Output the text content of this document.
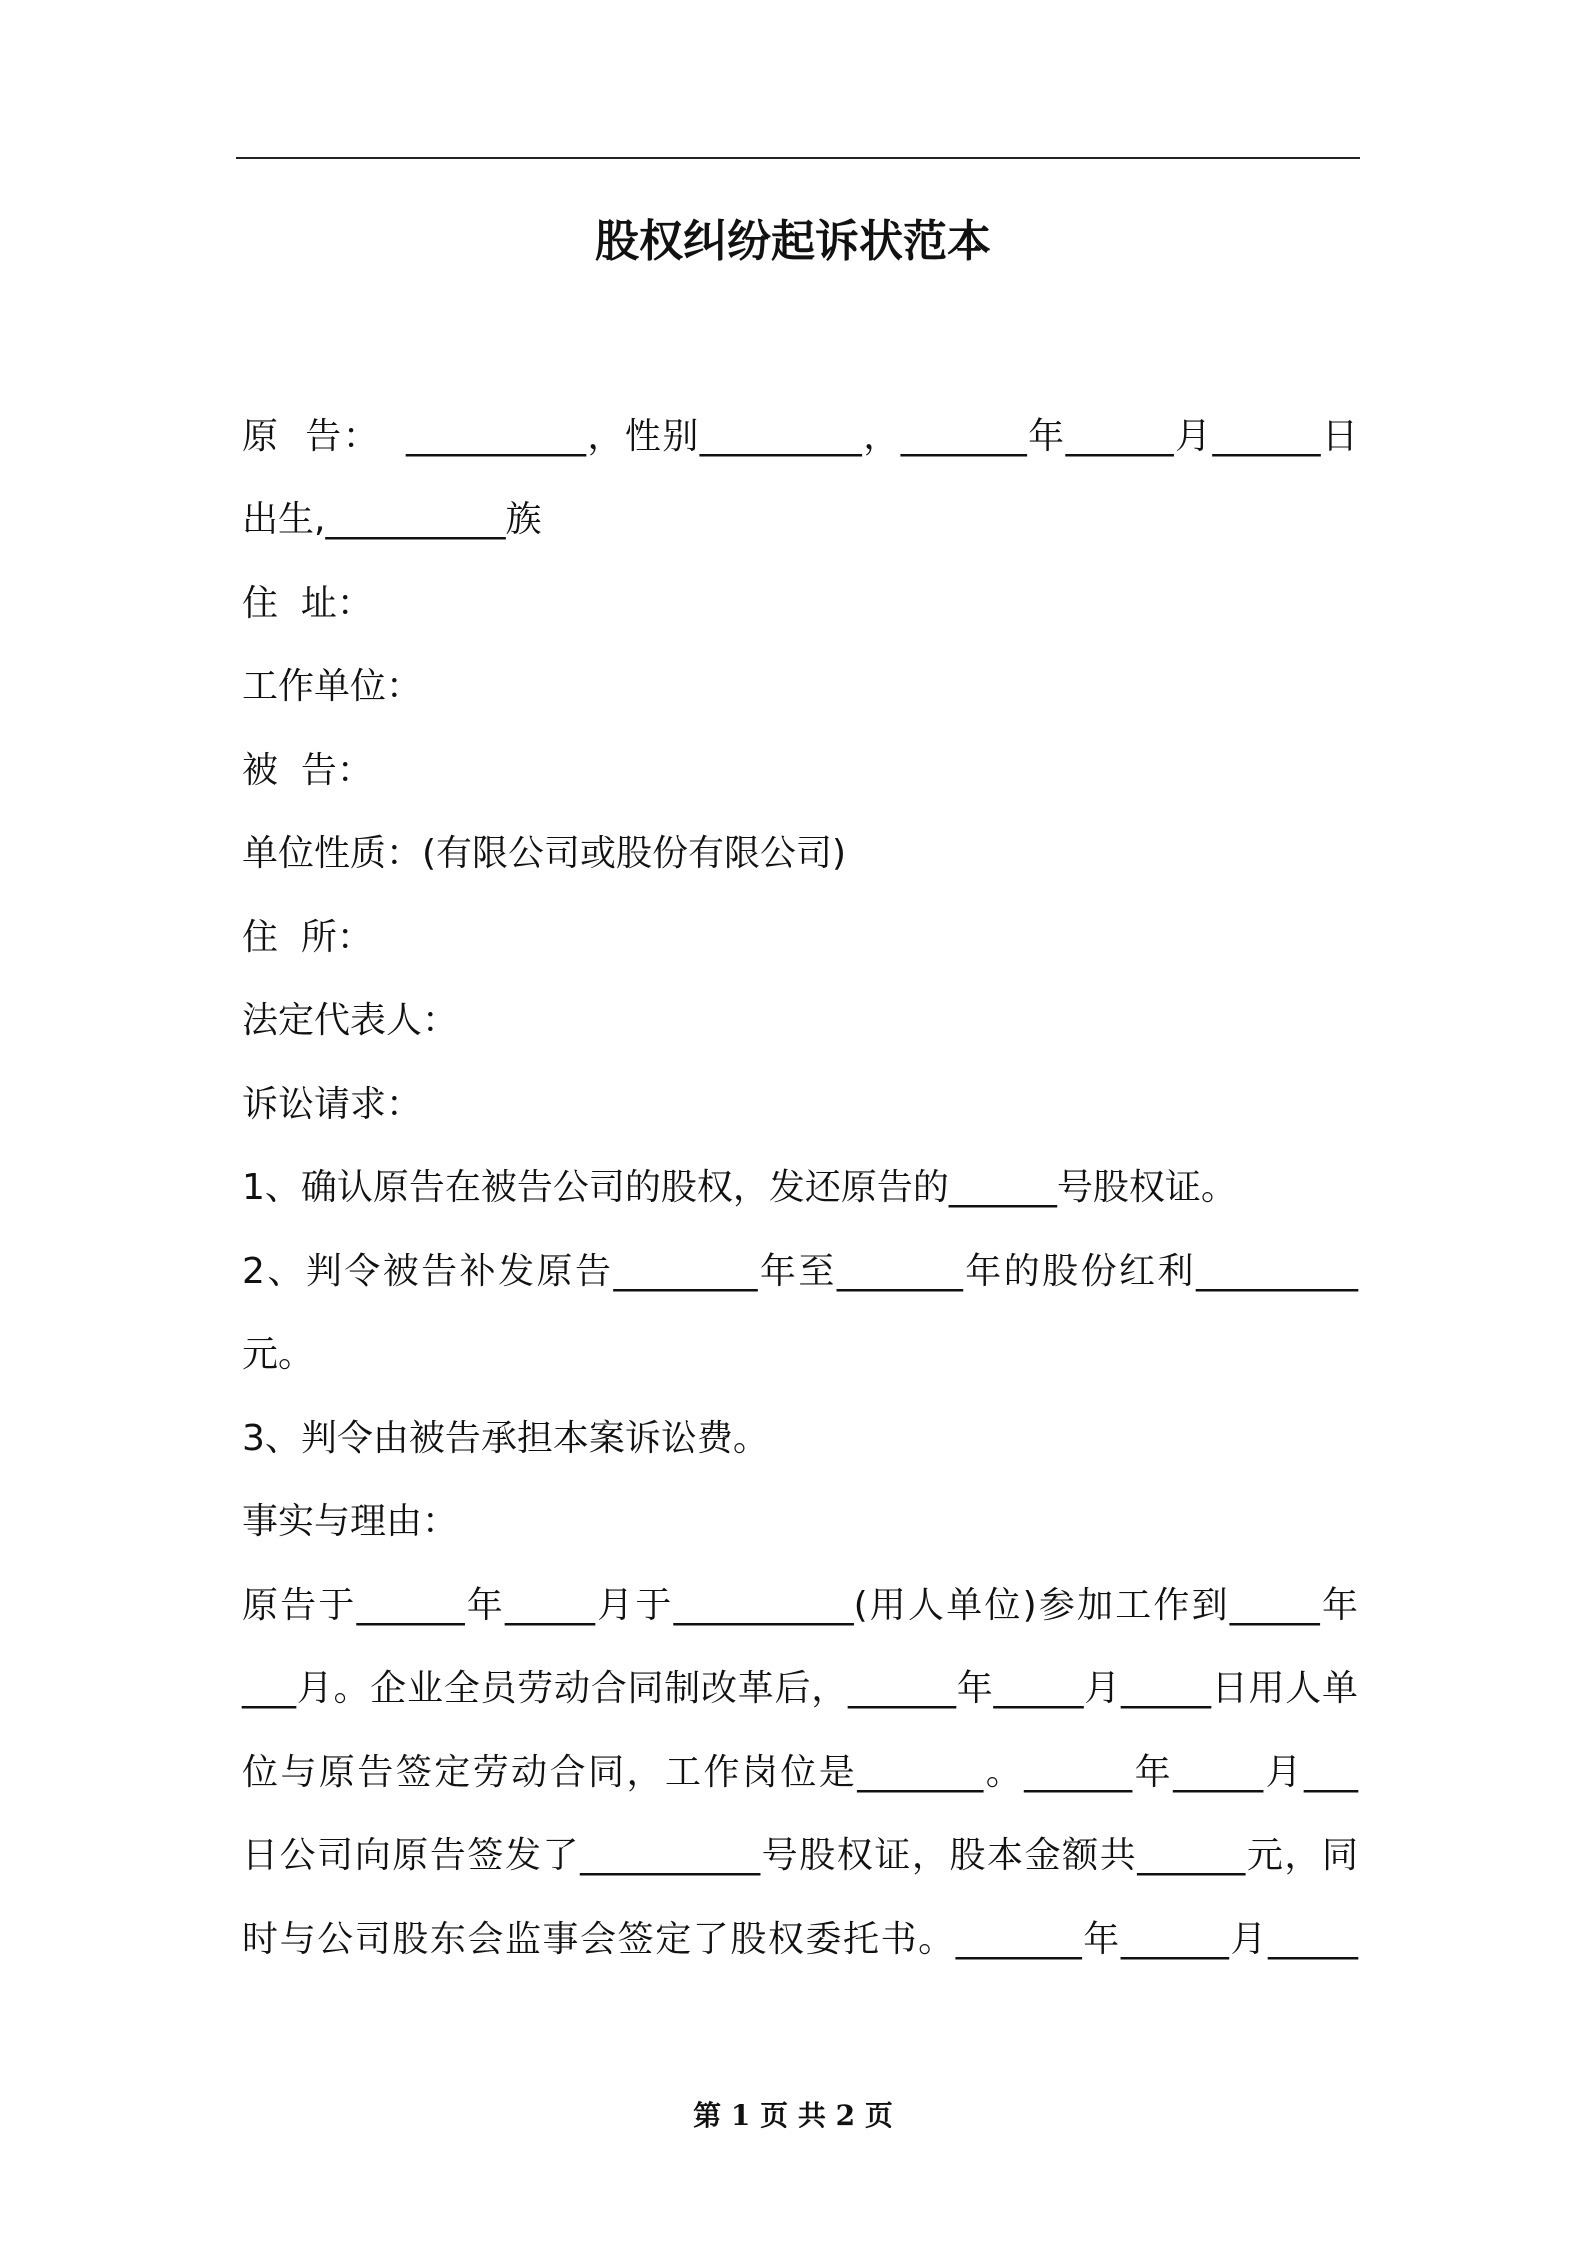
股权纠纷起诉状范本
原  告：  __________，性别_________，_______年______月______日
出生,__________族
住  址：
工作单位：
被  告：
单位性质：(有限公司或股份有限公司)
住  所：
法定代表人：
诉讼请求：
1、确认原告在被告公司的股权，发还原告的______号股权证。
2、判令被告补发原告________年至_______年的股份红利_________
元。
3、判令由被告承担本案诉讼费。
事实与理由：
原告于______年_____月于__________(用人单位)参加工作到_____年
___月。企业全员劳动合同制改革后，______年_____月_____日用人单
位与原告签定劳动合同，工作岗位是_______。______年_____月___
日公司向原告签发了__________号股权证，股本金额共______元，同
时与公司股东会监事会签定了股权委托书。_______年______月_____
第 1 页 共 2 页
